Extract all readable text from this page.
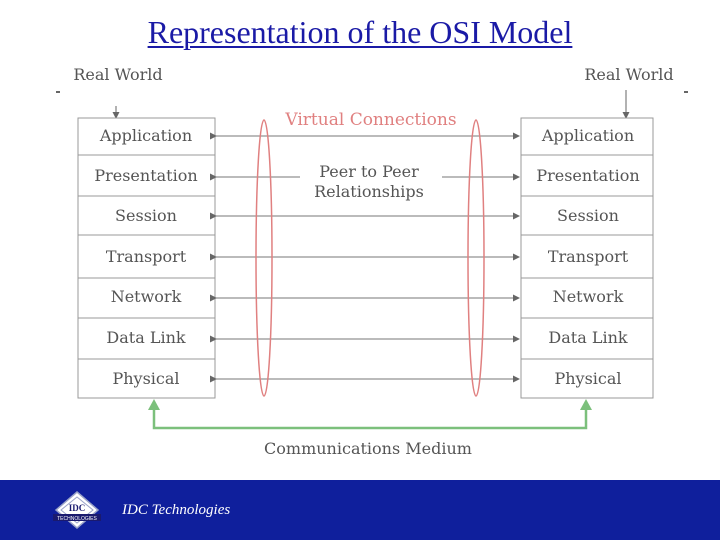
Representation of the OSI Model
Real World	Real World
Application
Presentation
Session
Transport
Network
Data Link
Physical
Application
Presentation
Session
Transport
Network
Data Link
Physical
Virtual Connections
Peer to Peer
Relationships
Communications Medium
IDC
TECHNOLOGIES
IDC Technologies
